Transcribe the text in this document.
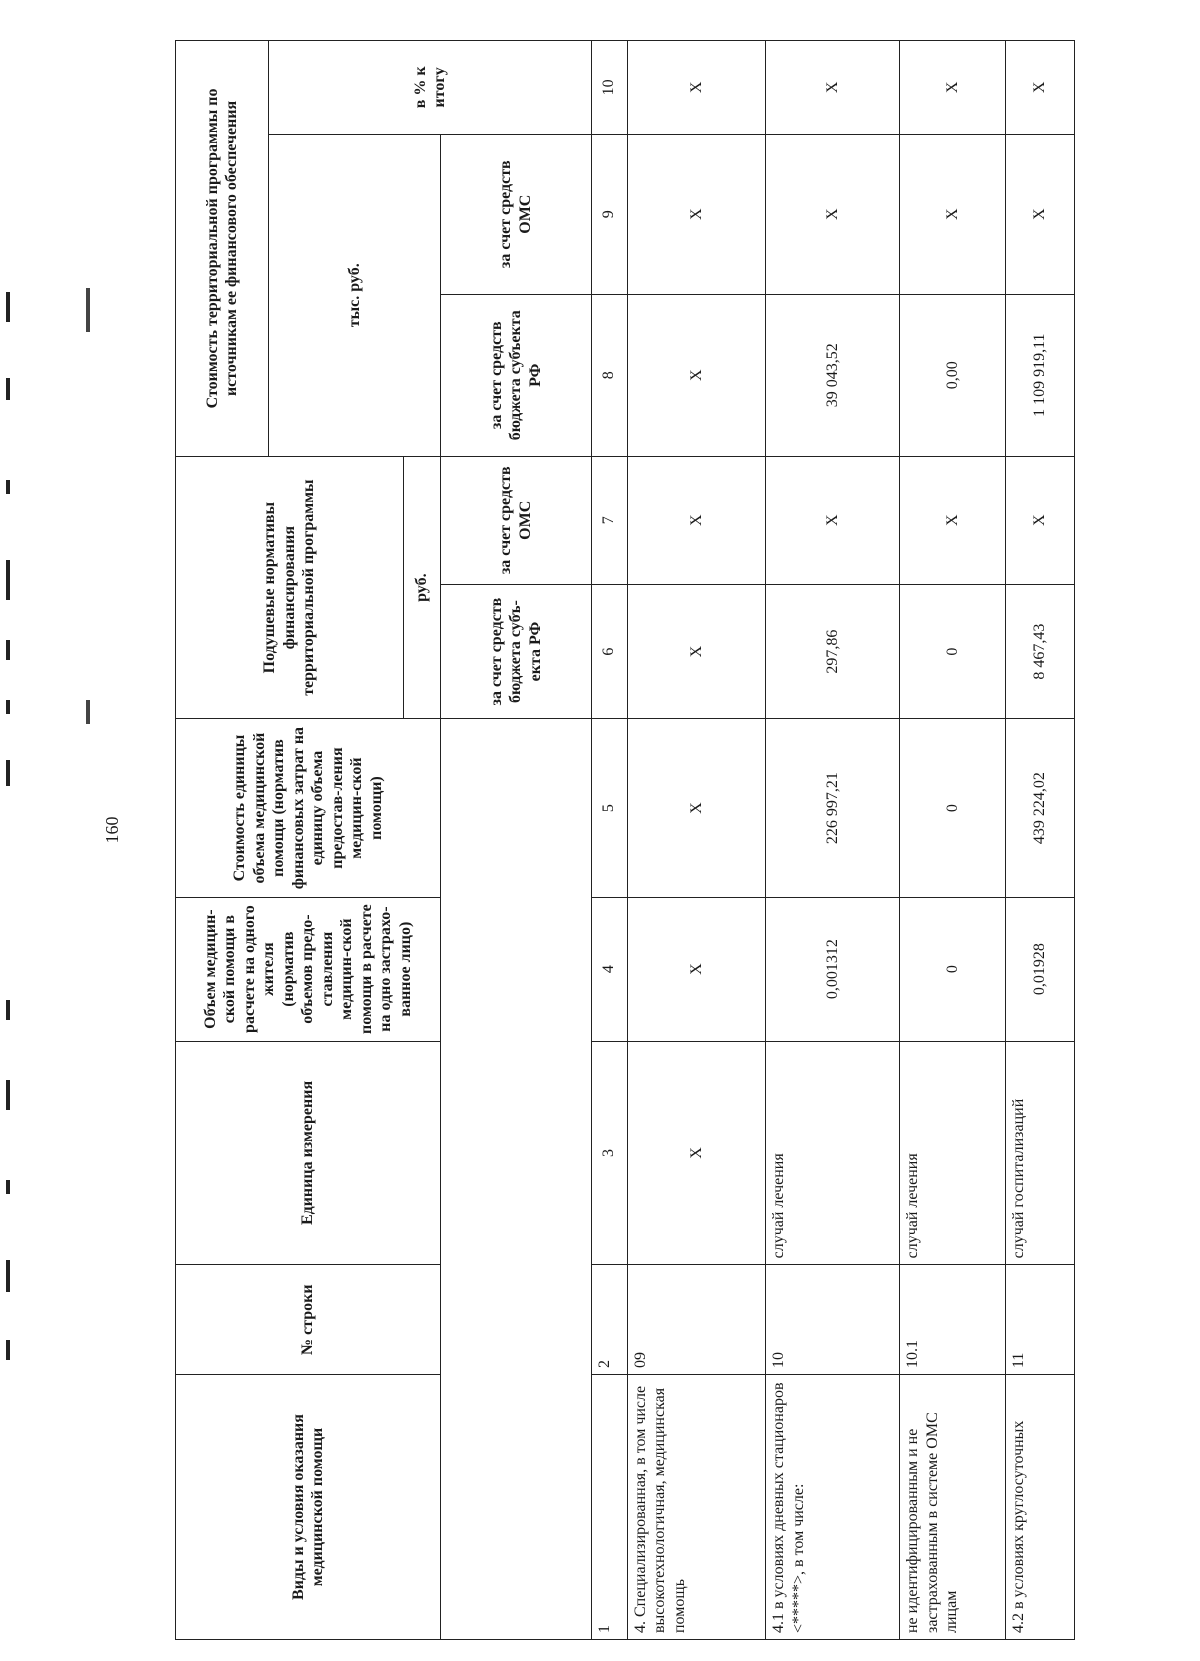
160
Виды и условия оказания медицинской помощи	№ строки	Единица измерения	Объем медицин-ской помощи в расчете на одного жителя (норматив объемов предо-ставления медицин-ской помощи в расчете на одно застрахо-ванное лицо)	Стоимость единицы объема медицинской помощи (норматив финансовых затрат на единицу объема предостав-ления медицин-ской помощи)	Подушевые нормативы финансирования территориальной программы		Стоимость территориальной программы по источникам ее финансового обеспечения		
							тыс. руб.		в % к итогу
					руб.				
					за счет средств бюджета субъ-екта РФ	за счет средств ОМС	за счет средств бюджета субъекта РФ	за счет средств ОМС	
1	2	3	4	5	6	7	8	9	10
4. Специализированная, в том числе высокотехнологичная, медицинская помощь	09	Х	Х	Х	Х	Х	Х	Х	Х
4.1 в условиях дневных стационаров <*****>, в том числе:	10	случай лечения	0,001312	226 997,21	297,86	Х	39 043,52	Х	Х
не идентифицированным и не застрахованным в системе ОМС лицам	10.1	случай лечения	0	0	0	Х	0,00	Х	Х
4.2 в условиях круглосуточных	11	случай госпитализаций	0,01928	439 224,02	8 467,43	Х	1 109 919,11	Х	Х
